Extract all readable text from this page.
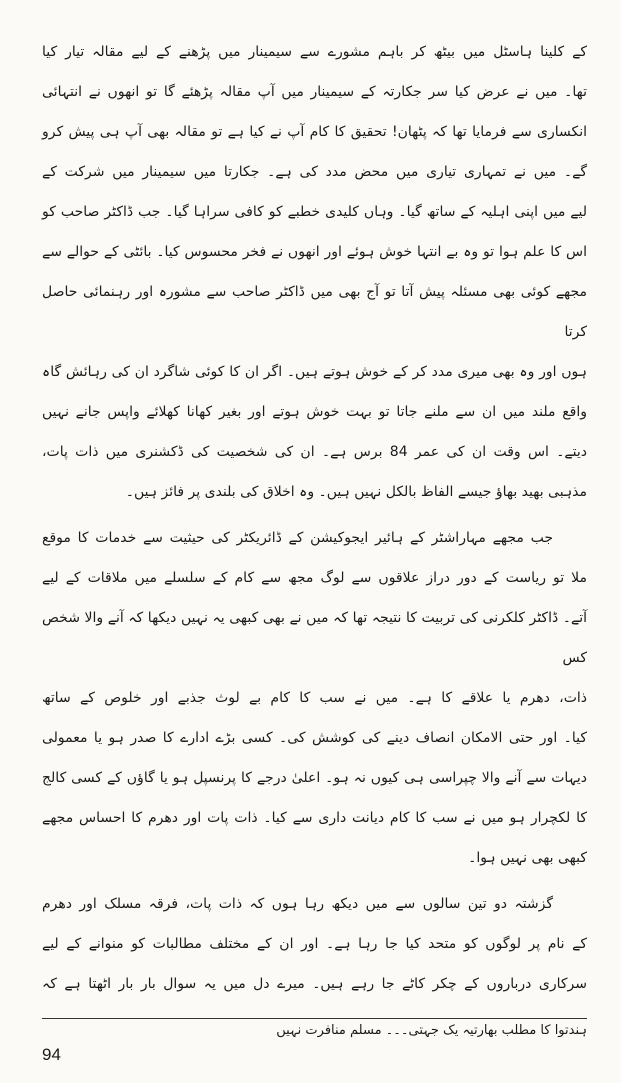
کے کلینا ہاسٹل میں بیٹھ کر باہم مشورے سے سیمینار میں پڑھنے کے لیے مقالہ تیار کیا
تھا۔ میں نے عرض کیا سر جکارتہ کے سیمینار میں آپ مقالہ پڑھئے گا تو انھوں نے انتہائی
انکساری سے فرمایا تھا کہ پٹھان! تحقیق کا کام آپ نے کیا ہے تو مقالہ بھی آپ ہی پیش کرو
گے۔ میں نے تمہاری تیاری میں محض مدد کی ہے۔ جکارتا میں سیمینار میں شرکت کے
لیے میں اپنی اہلیہ کے ساتھ گیا۔ وہاں کلیدی خطبے کو کافی سراہا گیا۔ جب ڈاکٹر صاحب کو
اس کا علم ہوا تو وہ بے انتہا خوش ہوئے اور انھوں نے فخر محسوس کیا۔ بائٹی کے حوالے سے
مجھے کوئی بھی مسئلہ پیش آتا تو آج بھی میں ڈاکٹر صاحب سے مشورہ اور رہنمائی حاصل کرتا
ہوں اور وہ بھی میری مدد کر کے خوش ہوتے ہیں۔ اگر ان کا کوئی شاگرد ان کی رہائش گاہ
واقع ملند میں ان سے ملنے جاتا تو بہت خوش ہوتے اور بغیر کھانا کھلائے واپس جانے نہیں
دیتے۔ اس وقت ان کی عمر 84 برس ہے۔ ان کی شخصیت کی ڈکشنری میں ذات پات،
مذہبی بھید بھاؤ جیسے الفاظ بالکل نہیں ہیں۔ وہ اخلاق کی بلندی پر فائز ہیں۔
جب مجھے مہاراشٹر کے ہائیر ایجوکیشن کے ڈائریکٹر کی حیثیت سے خدمات کا موقع
ملا تو ریاست کے دور دراز علاقوں سے لوگ مجھ سے کام کے سلسلے میں ملاقات کے لیے
آتے۔ ڈاکٹر کلکرنی کی تربیت کا نتیجہ تھا کہ میں نے بھی کبھی یہ نہیں دیکھا کہ آنے والا شخص کس
ذات، دھرم یا علاقے کا ہے۔ میں نے سب کا کام بے لوث جذبے اور خلوص کے ساتھ
کیا۔ اور حتی الامکان انصاف دینے کی کوشش کی۔ کسی بڑے ادارے کا صدر ہو یا معمولی
دیہات سے آنے والا چپراسی ہی کیوں نہ ہو۔ اعلیٰ درجے کا پرنسپل ہو یا گاؤں کے کسی کالج
کا لکچرار ہو میں نے سب کا کام دیانت داری سے کیا۔ ذات پات اور دھرم کا احساس مجھے
کبھی بھی نہیں ہوا۔
گزشتہ دو تین سالوں سے میں دیکھ رہا ہوں کہ ذات پات، فرقہ مسلک اور دھرم
کے نام پر لوگوں کو متحد کیا جا رہا ہے۔ اور ان کے مختلف مطالبات کو منوانے کے لیے
سرکاری درباروں کے چکر کاٹے جا رہے ہیں۔ میرے دل میں یہ سوال بار بار اٹھتا ہے کہ
ہندتوا کا مطلب بھارتیہ یک جہتی۔۔۔ مسلم منافرت نہیں
94
